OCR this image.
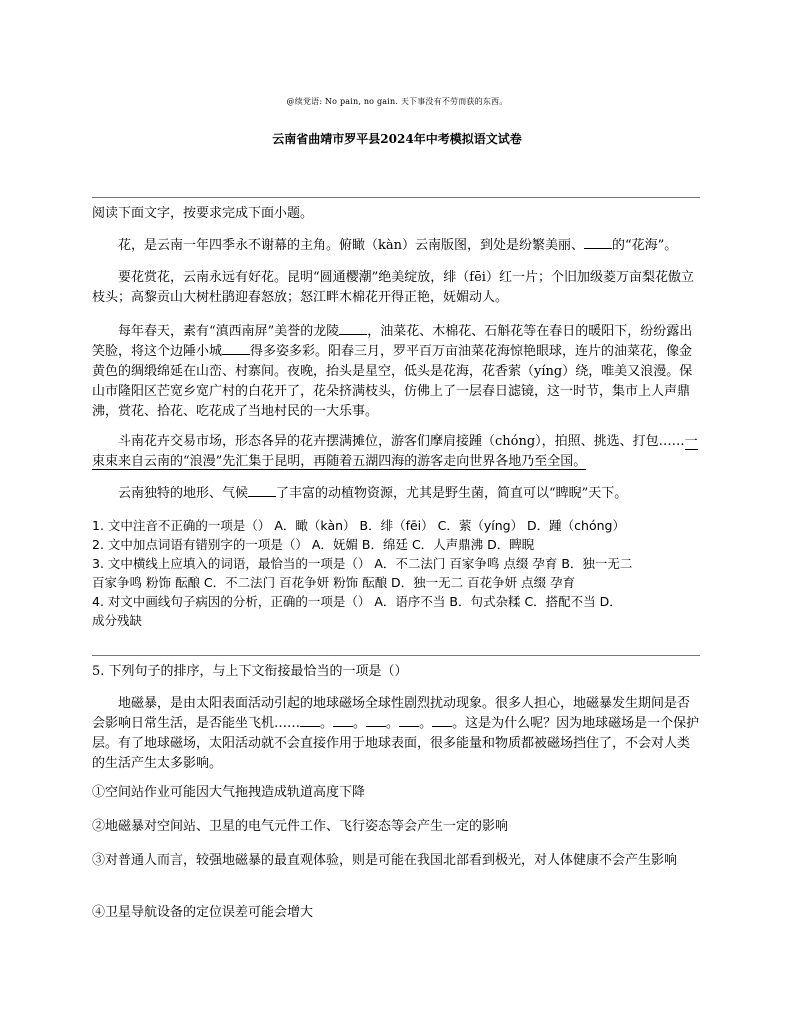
@续党语: No pain, no gain. 天下事没有不劳而获的东西。
云南省曲靖市罗平县2024年中考模拟语文试卷

阅读下面文字，按要求完成下面小题。

花，是云南一年四季永不谢幕的主角。俯瞰（kàn）云南版图，到处是纷繁美丽、 的“花海”。

要花赏花，云南永远有好花。昆明“圆通樱潮”绝美绽放，绯（fēi）红一片；个旧加级菱万亩梨花傲立枝头；高黎贡山大树杜鹃迎春怒放；怒江畔木棉花开得正艳，妩媚动人。

每年春天，素有“滇西南屏”美誉的龙陵 ，油菜花、木棉花、石斛花等在春日的暖阳下，纷纷露出笑脸，将这个边陲小城 得多姿多彩。阳春三月，罗平百万亩油菜花海惊艳眼球，连片的油菜花，像金黄色的绸缎绵延在山峦、村寨间。夜晚，抬头是星空，低头是花海，花香萦（yíng）绕，唯美又浪漫。保山市隆阳区芒宽乡宽广村的白花开了，花朵挤满枝头，仿佛上了一层春日滤镜，这一时节，集市上人声鼎沸，赏花、拾花、吃花成了当地村民的一大乐事。

斗南花卉交易市场，形态各异的花卉摆满摊位，游客们摩肩接踵（chóng），拍照、挑选、打包……一束束来自云南的“浪漫”先汇集于昆明，再随着五湖四海的游客走向世界各地乃至全国。

云南独特的地形、气候 了丰富的动植物资源，尤其是野生菌，简直可以“睥睨”天下。

1. 文中注音不正确的一项是（） A．瞰（kàn） B．绯（fēi） C．萦（yíng） D．踵（chóng）
2. 文中加点词语有错别字的一项是（） A．妩媚 B．绵廷 C．人声鼎沸 D．睥睨
3. 文中横线上应填入的词语，最恰当的一项是（） A．不二法门 百家争鸣 点缀 孕育 B．独一无二
百家争鸣 粉饰 酝酿 C．不二法门 百花争妍 粉饰 酝酿 D．独一无二 百花争妍 点缀 孕育
4. 对文中画线句子病因的分析，正确的一项是（） A．语序不当 B．句式杂糅 C．搭配不当 D．
成分残缺

5. 下列句子的排序，与上下文衔接最恰当的一项是（）

地磁暴，是由太阳表面活动引起的地球磁场全球性剧烈扰动现象。很多人担心，地磁暴发生期间是否会影响日常生活，是否能坐飞机…… 。 。 。 。 。这是为什么呢？因为地球磁场是一个保护层。有了地球磁场，太阳活动就不会直接作用于地球表面，很多能量和物质都被磁场挡住了，不会对人类的生活产生太多影响。

①空间站作业可能因大气拖拽造成轨道高度下降

②地磁暴对空间站、卫星的电气元件工作、飞行姿态等会产生一定的影响

③对普通人而言，较强地磁暴的最直观体验，则是可能在我国北部看到极光，对人体健康不会产生影响

④卫星导航设备的定位误差可能会增大
